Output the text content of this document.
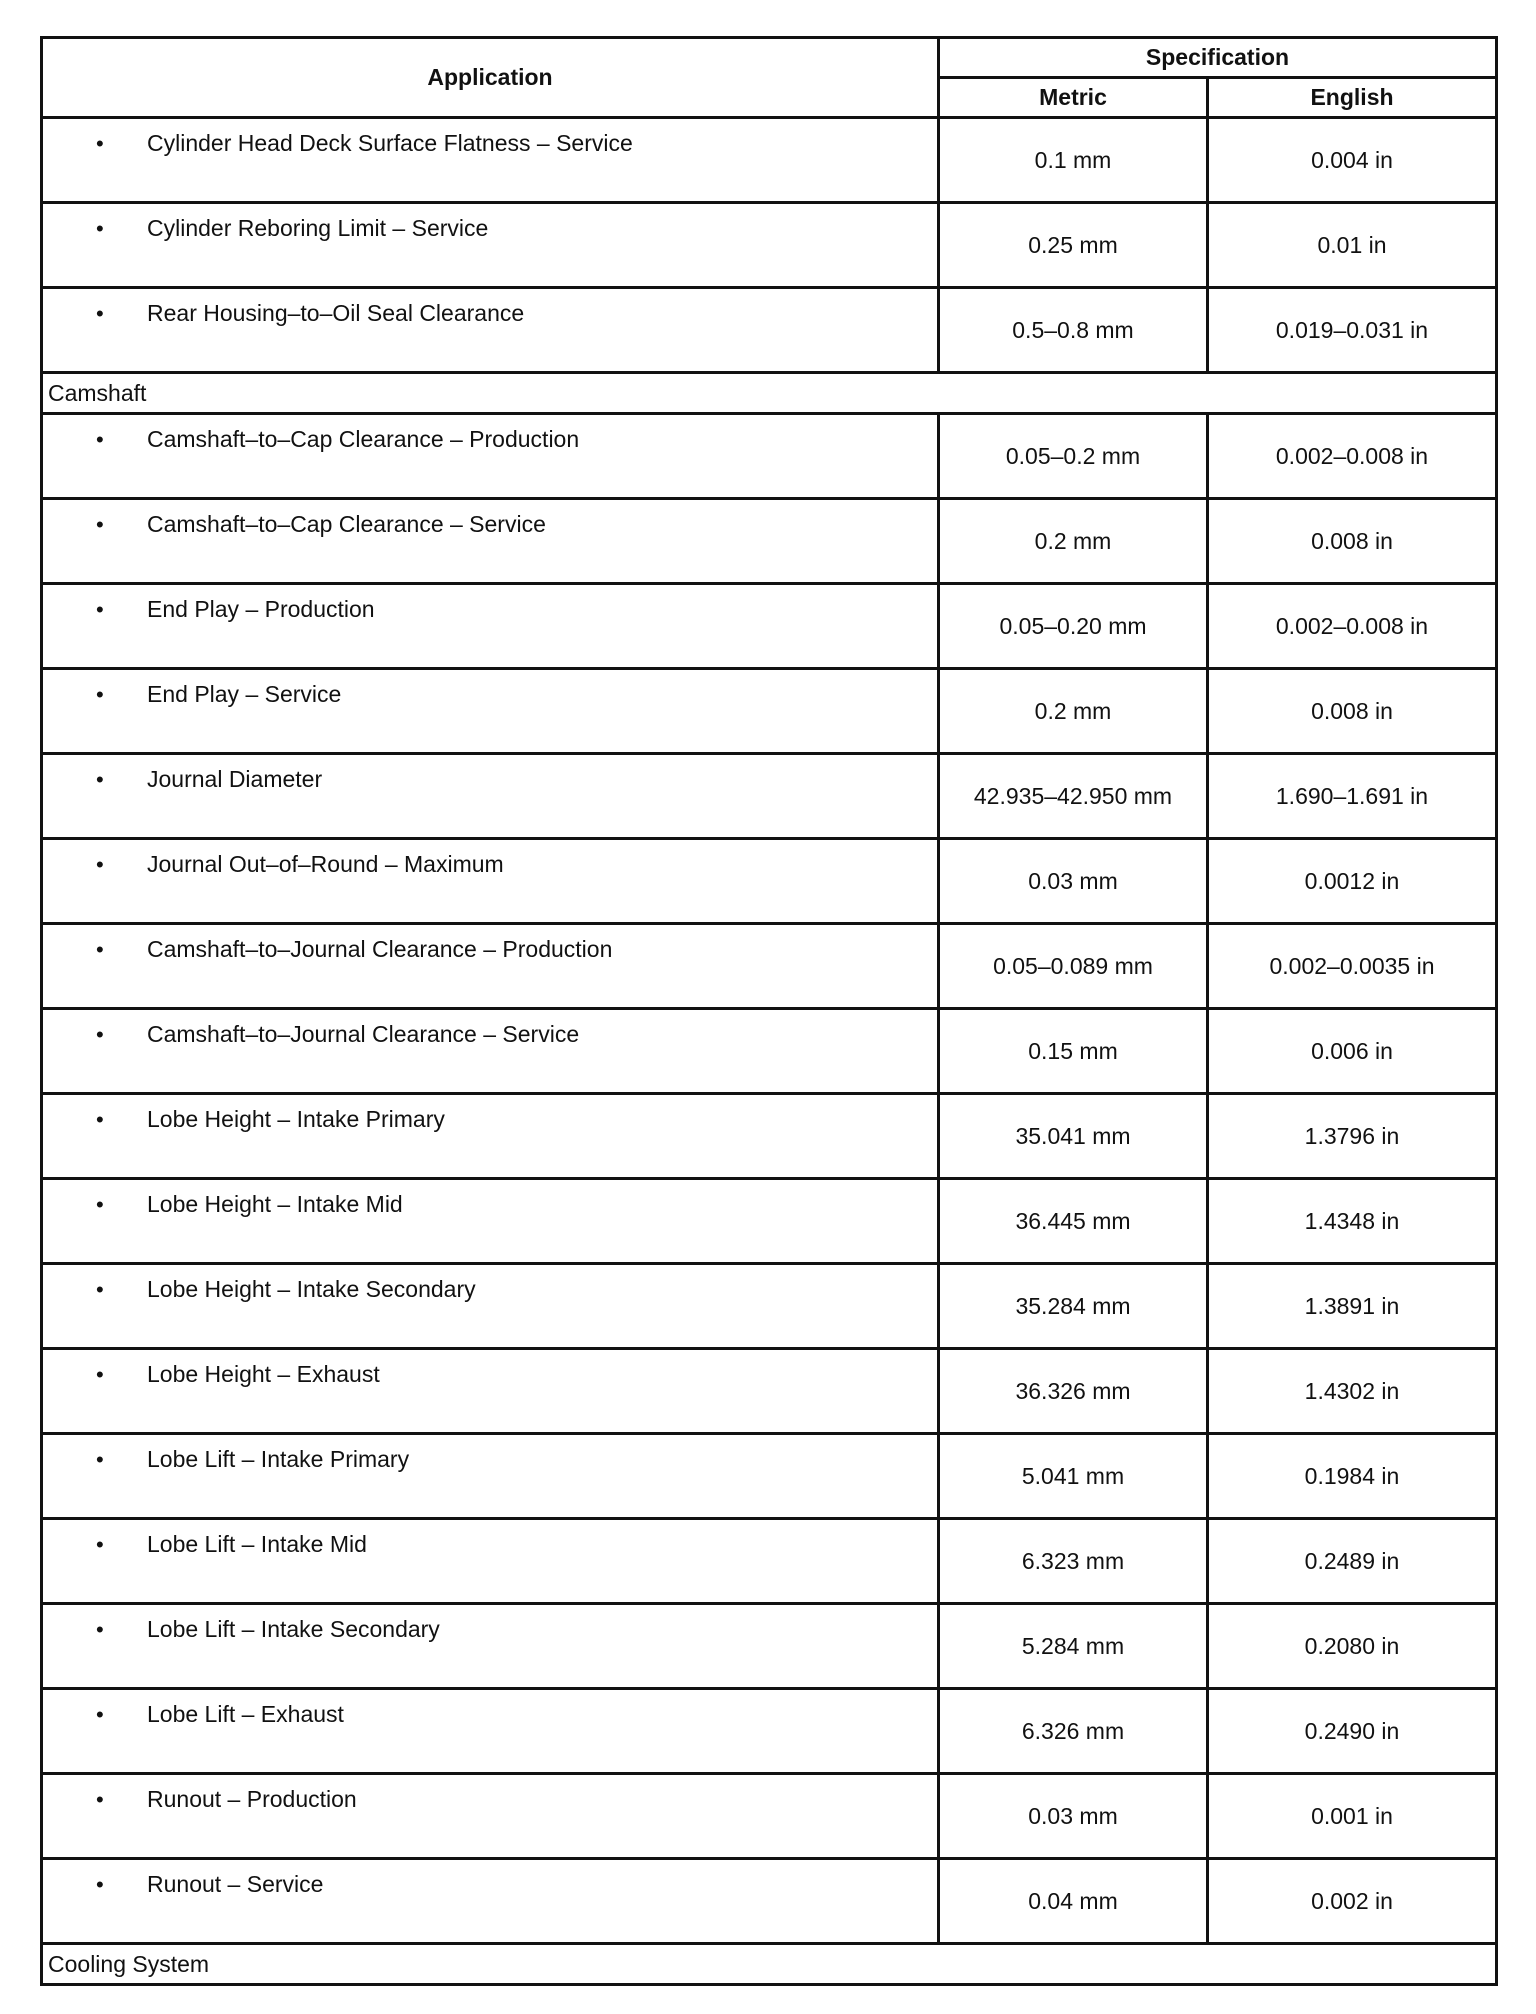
Application	Specification	
	Metric	English

• Cylinder Head Deck Surface Flatness – Service	0.1 mm	0.004 in

• Cylinder Reboring Limit – Service	0.25 mm	0.01 in

• Rear Housing–to–Oil Seal Clearance	0.5–0.8 mm	0.019–0.031 in
Camshaft		

• Camshaft–to–Cap Clearance – Production	0.05–0.2 mm	0.002–0.008 in

• Camshaft–to–Cap Clearance – Service	0.2 mm	0.008 in

• End Play – Production	0.05–0.20 mm	0.002–0.008 in

• End Play – Service	0.2 mm	0.008 in

• Journal Diameter	42.935–42.950 mm	1.690–1.691 in

• Journal Out–of–Round – Maximum	0.03 mm	0.0012 in

• Camshaft–to–Journal Clearance – Production	0.05–0.089 mm	0.002–0.0035 in

• Camshaft–to–Journal Clearance – Service	0.15 mm	0.006 in

• Lobe Height – Intake Primary	35.041 mm	1.3796 in

• Lobe Height – Intake Mid	36.445 mm	1.4348 in

• Lobe Height – Intake Secondary	35.284 mm	1.3891 in

• Lobe Height – Exhaust	36.326 mm	1.4302 in

• Lobe Lift – Intake Primary	5.041 mm	0.1984 in

• Lobe Lift – Intake Mid	6.323 mm	0.2489 in

• Lobe Lift – Intake Secondary	5.284 mm	0.2080 in

• Lobe Lift – Exhaust	6.326 mm	0.2490 in

• Runout – Production	0.03 mm	0.001 in

• Runout – Service	0.04 mm	0.002 in
Cooling System		
